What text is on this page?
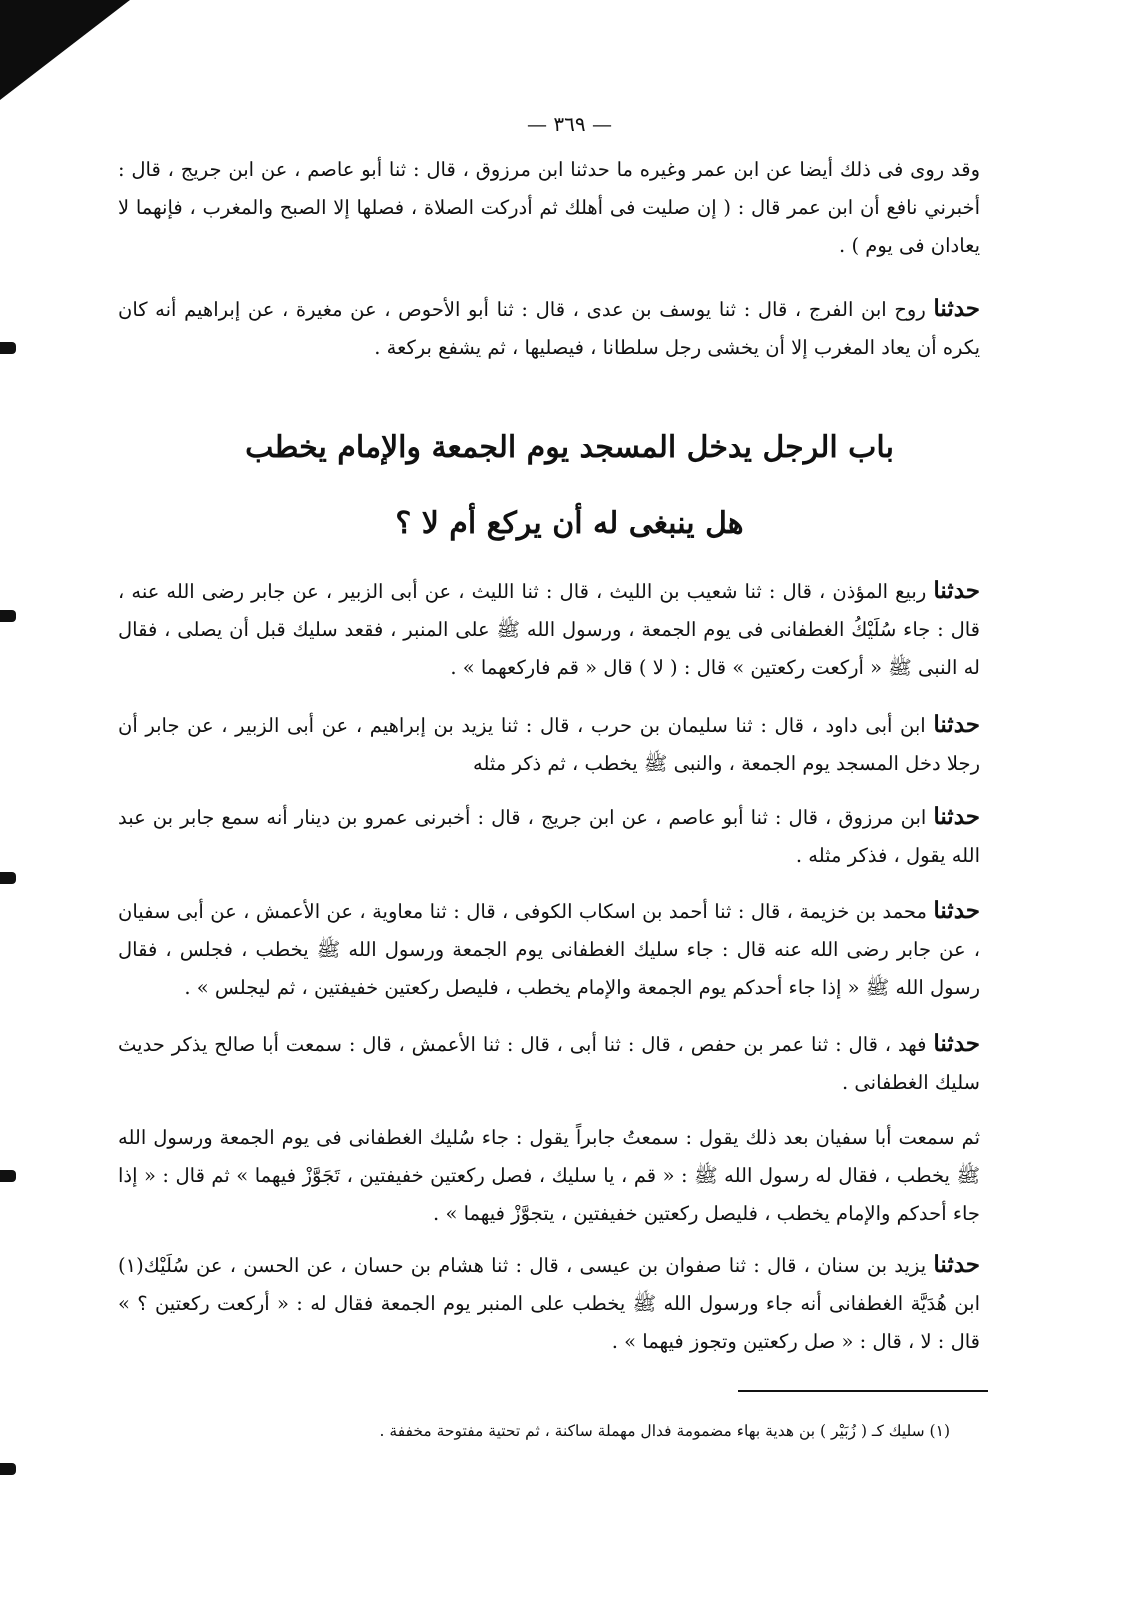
— ٣٦٩ —

وقد روى فى ذلك أيضا عن ابن عمر وغيره ما حدثنا ابن مرزوق ، قال : ثنا أبو عاصم ، عن ابن جريج ، قال : أخبرني نافع أن ابن عمر قال : ( إن صليت فى أهلك ثم أدركت الصلاة ، فصلها إلا الصبح والمغرب ، فإنهما لا يعادان فى يوم ) .

حدثنا روح ابن الفرج ، قال : ثنا يوسف بن عدى ، قال : ثنا أبو الأحوص ، عن مغيرة ، عن إبراهيم أنه كان يكره أن يعاد المغرب إلا أن يخشى رجل سلطانا ، فيصليها ، ثم يشفع بركعة .

باب الرجل يدخل المسجد يوم الجمعة والإمام يخطب
هل ينبغى له أن يركع أم لا ؟

حدثنا ربيع المؤذن ، قال : ثنا شعيب بن الليث ، قال : ثنا الليث ، عن أبى الزبير ، عن جابر رضى الله عنه ، قال : جاء سُلَيْكُ الغطفانى فى يوم الجمعة ، ورسول الله ﷺ على المنبر ، فقعد سليك قبل أن يصلى ، فقال له النبى ﷺ « أركعت ركعتين » قال : ( لا ) قال « قم فاركعهما » .

حدثنا ابن أبى داود ، قال : ثنا سليمان بن حرب ، قال : ثنا يزيد بن إبراهيم ، عن أبى الزبير ، عن جابر أن رجلا دخل المسجد يوم الجمعة ، والنبى ﷺ يخطب ، ثم ذكر مثله

حدثنا ابن مرزوق ، قال : ثنا أبو عاصم ، عن ابن جريج ، قال : أخبرنى عمرو بن دينار أنه سمع جابر بن عبد الله يقول ، فذكر مثله .

حدثنا محمد بن خزيمة ، قال : ثنا أحمد بن اسكاب الكوفى ، قال : ثنا معاوية ، عن الأعمش ، عن أبى سفيان ، عن جابر رضى الله عنه قال : جاء سليك الغطفانى يوم الجمعة ورسول الله ﷺ يخطب ، فجلس ، فقال رسول الله ﷺ « إذا جاء أحدكم يوم الجمعة والإمام يخطب ، فليصل ركعتين خفيفتين ، ثم ليجلس » .

حدثنا فهد ، قال : ثنا عمر بن حفص ، قال : ثنا أبى ، قال : ثنا الأعمش ، قال : سمعت أبا صالح يذكر حديث سليك الغطفانى .

ثم سمعت أبا سفيان بعد ذلك يقول : سمعتُ جابراً يقول : جاء سُليك الغطفانى فى يوم الجمعة ورسول الله ﷺ يخطب ، فقال له رسول الله ﷺ : « قم ، يا سليك ، فصل ركعتين خفيفتين ، تَجَوَّزْ فيهما » ثم قال : « إذا جاء أحدكم والإمام يخطب ، فليصل ركعتين خفيفتين ، يتجوَّزْ فيهما » .

حدثنا يزيد بن سنان ، قال : ثنا صفوان بن عيسى ، قال : ثنا هشام بن حسان ، عن الحسن ، عن سُلَيْك(١) ابن هُدَيَّة الغطفانى أنه جاء ورسول الله ﷺ يخطب على المنبر يوم الجمعة فقال له : « أركعت ركعتين ؟ » قال : لا ، قال : « صل ركعتين وتجوز فيهما » .

(١) سليك كـ ( زُبَيْر ) بن هدية بهاء مضمومة فدال مهملة ساكنة ، ثم تحتية مفتوحة مخففة .
